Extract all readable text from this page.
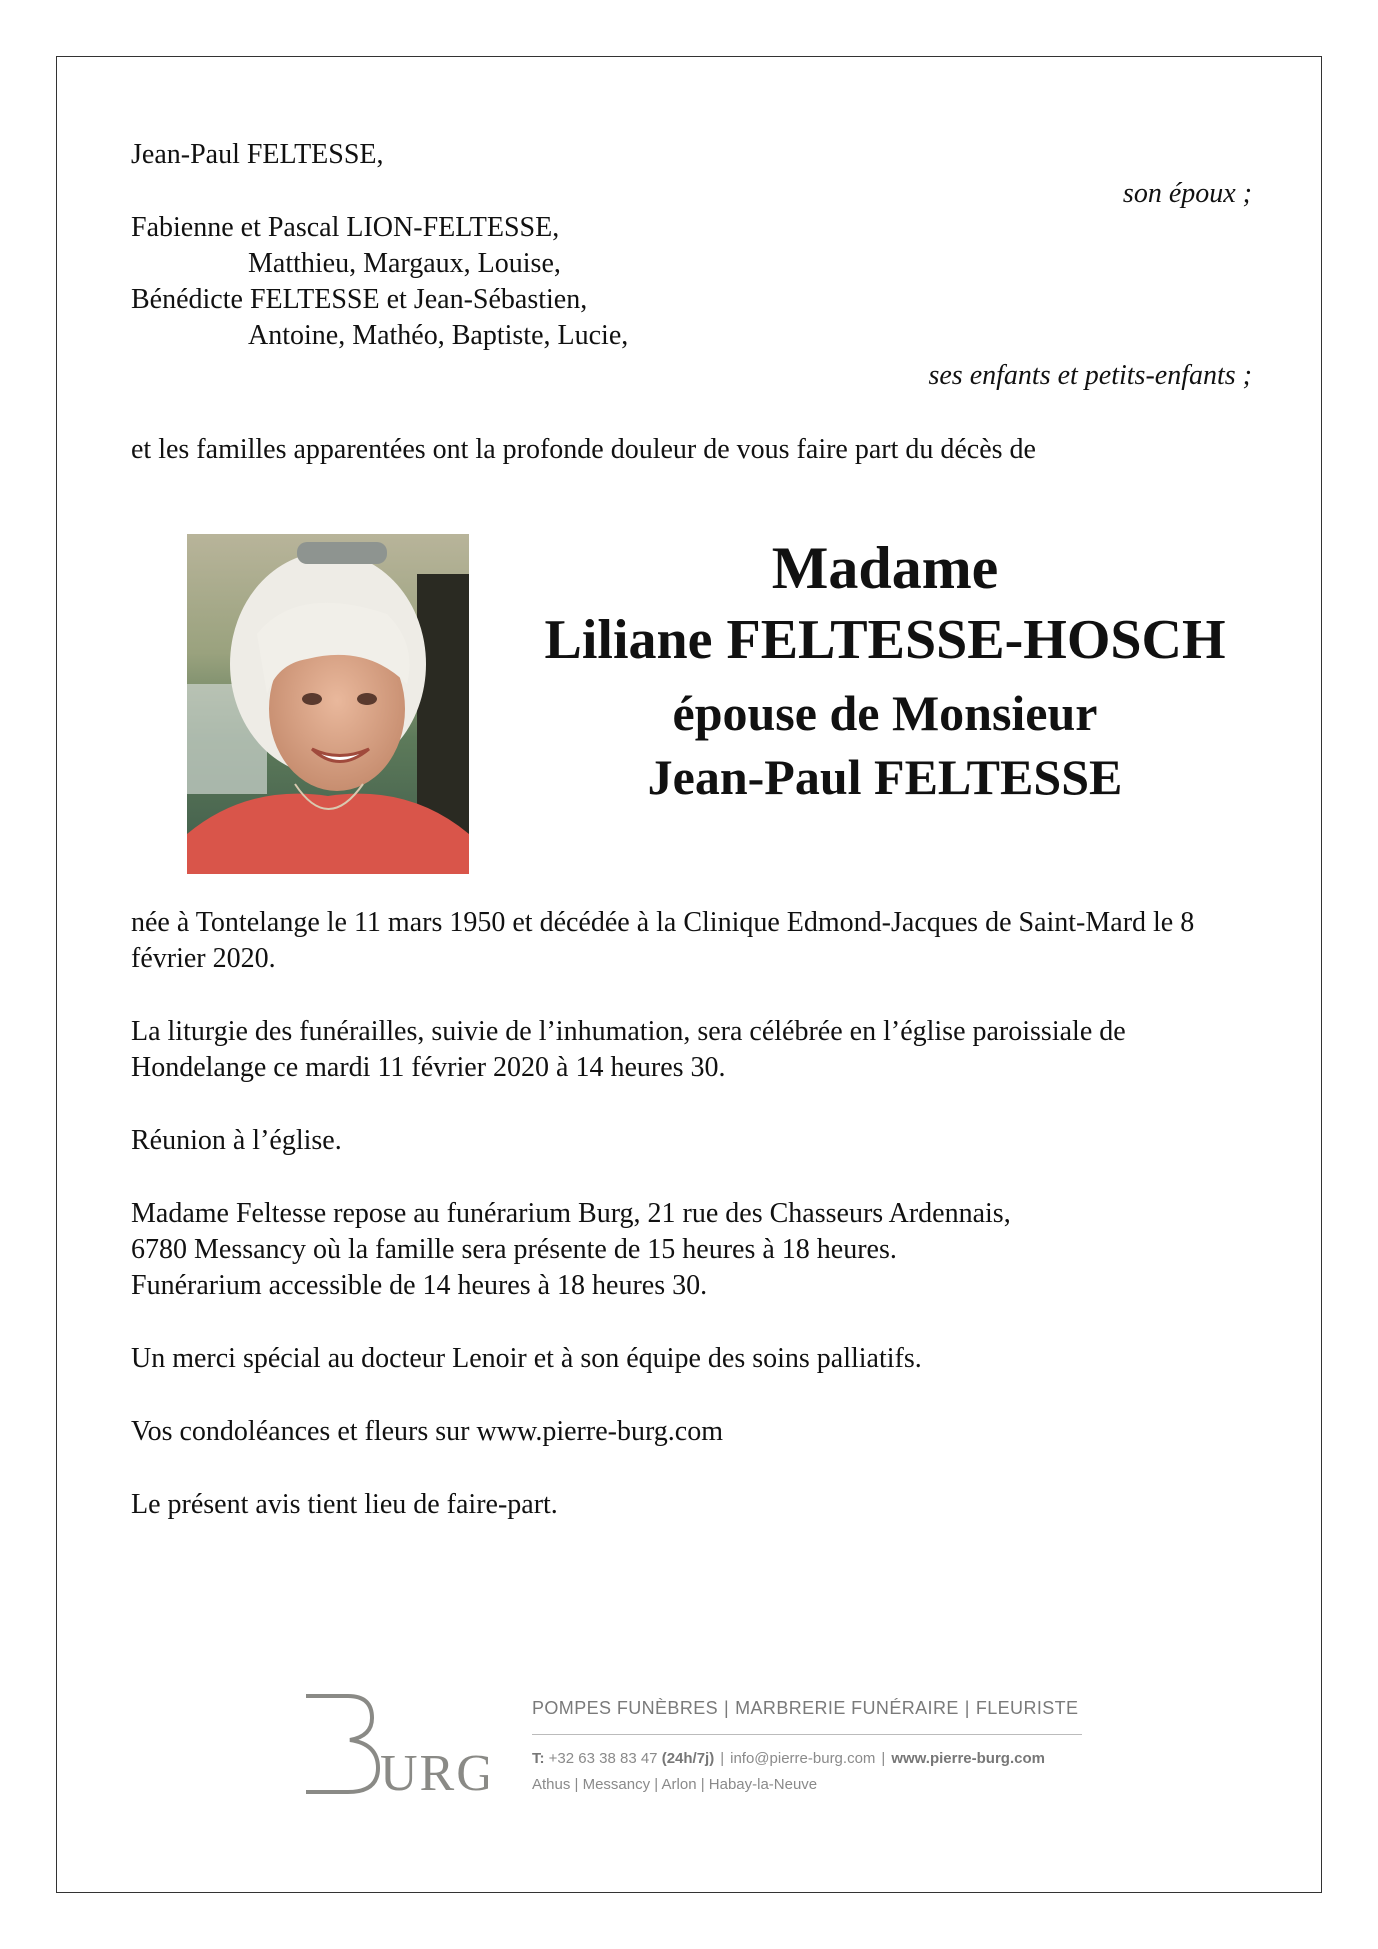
Jean-Paul FELTESSE,
son époux ;
Fabienne et Pascal LION-FELTESSE,
Matthieu, Margaux, Louise,
Bénédicte FELTESSE et Jean-Sébastien,
Antoine, Mathéo, Baptiste, Lucie,
ses enfants et petits-enfants ;
et les familles apparentées ont la profonde douleur de vous faire part du décès de
Madame
Liliane FELTESSE-HOSCH
épouse de Monsieur
Jean-Paul FELTESSE
née à Tontelange le 11 mars 1950 et décédée à la Clinique Edmond-Jacques de Saint-Mard le 8 février 2020.
La liturgie des funérailles, suivie de l’inhumation, sera célébrée en l’église paroissiale de Hondelange ce mardi 11 février 2020 à 14 heures 30.
Réunion à l’église.
Madame Feltesse repose au funérarium Burg, 21 rue des Chasseurs Ardennais,
6780 Messancy où la famille sera présente de 15 heures à 18 heures.
Funérarium accessible de 14 heures à 18 heures 30.
Un merci spécial au docteur Lenoir et à son équipe des soins palliatifs.
Vos condoléances et fleurs sur www.pierre-burg.com
Le présent avis tient lieu de faire-part.
URG
POMPES FUNÈBRES | MARBRERIE FUNÉRAIRE | FLEURISTE
T: +32 63 38 83 47 (24h/7j) | info@pierre-burg.com | www.pierre-burg.com
Athus | Messancy | Arlon | Habay-la-Neuve
